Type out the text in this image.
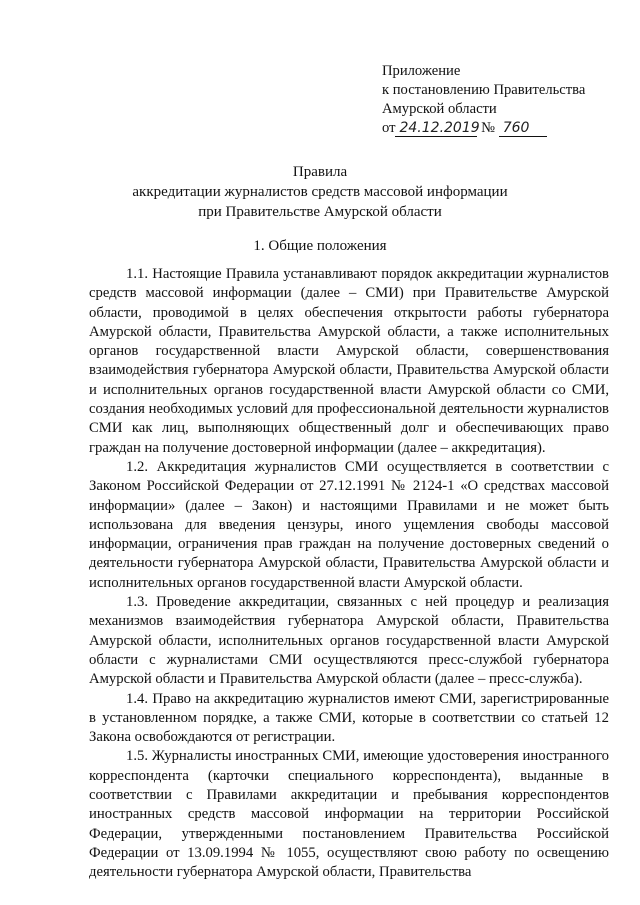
Приложение
к постановлению Правительства
Амурской области
от 24.12.2019 № 760
Правила
аккредитации журналистов средств массовой информации
при Правительстве Амурской области
1. Общие положения

1.1. Настоящие Правила устанавливают порядок аккредитации журналистов средств массовой информации (далее – СМИ) при Правительстве Амурской области, проводимой в целях обеспечения открытости работы губернатора Амурской области, Правительства Амурской области, а также исполнительных органов государственной власти Амурской области, совершенствования взаимодействия губернатора Амурской области, Правительства Амурской области и исполнительных органов государственной власти Амурской области со СМИ, создания необходимых условий для профессиональной деятельности журналистов СМИ как лиц, выполняющих общественный долг и обеспечивающих право граждан на получение достоверной информации (далее – аккредитация).

1.2. Аккредитация журналистов СМИ осуществляется в соответствии с Законом Российской Федерации от 27.12.1991 № 2124-1 «О средствах массовой информации» (далее – Закон) и настоящими Правилами и не может быть использована для введения цензуры, иного ущемления свободы массовой информации, ограничения прав граждан на получение достоверных сведений о деятельности губернатора Амурской области, Правительства Амурской области и исполнительных органов государственной власти Амурской области.

1.3. Проведение аккредитации, связанных с ней процедур и реализация механизмов взаимодействия губернатора Амурской области, Правительства Амурской области, исполнительных органов государственной власти Амурской области с журналистами СМИ осуществляются пресс-службой губернатора Амурской области и Правительства Амурской области (далее – пресс-служба).

1.4. Право на аккредитацию журналистов имеют СМИ, зарегистрированные в установленном порядке, а также СМИ, которые в соответствии со статьей 12 Закона освобождаются от регистрации.

1.5. Журналисты иностранных СМИ, имеющие удостоверения иностранного корреспондента (карточки специального корреспондента), выданные в соответствии с Правилами аккредитации и пребывания корреспондентов иностранных средств массовой информации на территории Российской Федерации, утвержденными постановлением Правительства Российской Федерации от 13.09.1994 № 1055, осуществляют свою работу по освещению деятельности губернатора Амурской области, Правительства
